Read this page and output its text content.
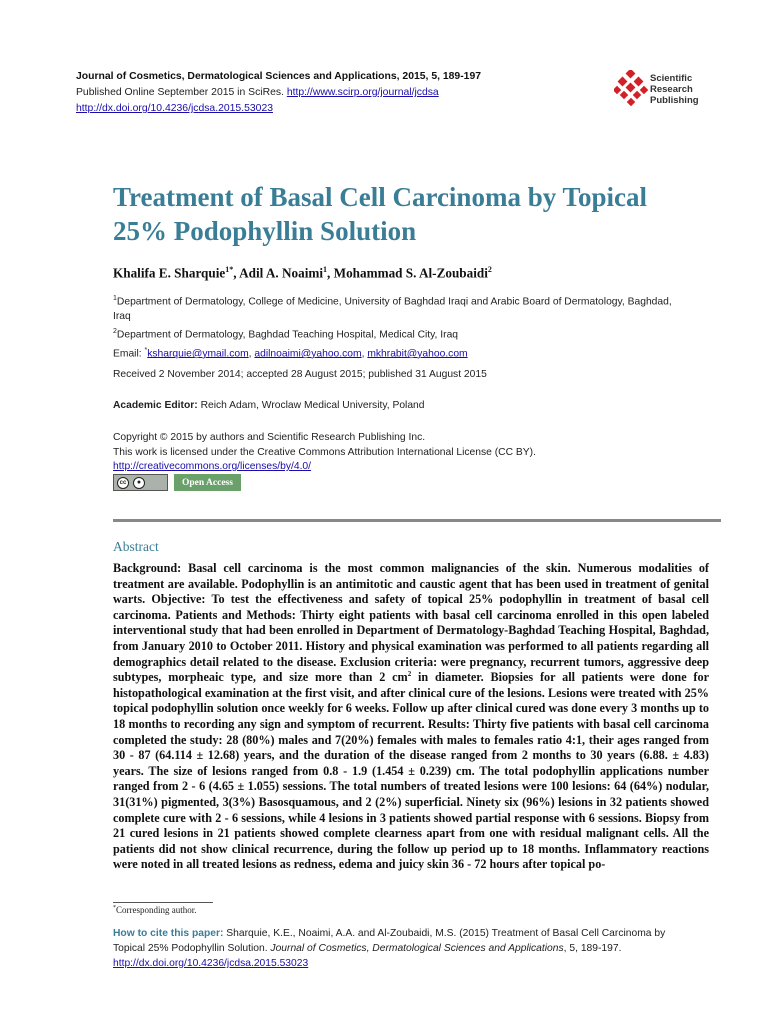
Journal of Cosmetics, Dermatological Sciences and Applications, 2015, 5, 189-197
Published Online September 2015 in SciRes. http://www.scirp.org/journal/jcdsa
http://dx.doi.org/10.4236/jcdsa.2015.53023
Scientific
Research
Publishing
Treatment of Basal Cell Carcinoma by Topical 25% Podophyllin Solution
Khalifa E. Sharquie$^{1*}$, Adil A. Noaimi$^1$, Mohammad S. Al-Zoubaidi$^2$
$^1$Department of Dermatology, College of Medicine, University of Baghdad Iraqi and Arabic Board of Dermatology, Baghdad, Iraq
$^2$Department of Dermatology, Baghdad Teaching Hospital, Medical City, Iraq
Email: *ksharquie@ymail.com, adilnoaimi@yahoo.com, mkhrabit@yahoo.com
Received 2 November 2014; accepted 28 August 2015; published 31 August 2015
Academic Editor: Reich Adam, Wroclaw Medical University, Poland
Copyright © 2015 by authors and Scientific Research Publishing Inc.
This work is licensed under the Creative Commons Attribution International License (CC BY).
http://creativecommons.org/licenses/by/4.0/
cc	●	Open Access
Abstract

Background: Basal cell carcinoma is the most common malignancies of the skin. Numerous modalities of treatment are available. Podophyllin is an antimitotic and caustic agent that has been used in treatment of genital warts. Objective: To test the effectiveness and safety of topical 25% podophyllin in treatment of basal cell carcinoma. Patients and Methods: Thirty eight patients with basal cell carcinoma enrolled in this open labeled interventional study that had been enrolled in Department of Dermatology-Baghdad Teaching Hospital, Baghdad, from January 2010 to October 2011. History and physical examination was performed to all patients regarding all demographics detail related to the disease. Exclusion criteria: were pregnancy, recurrent tumors, aggressive deep subtypes, morpheaic type, and size more than 2 $cm^2$ in diameter. Biopsies for all patients were done for histopathological examination at the first visit, and after clinical cure of the lesions. Lesions were treated with 25% topical podophyllin solution once weekly for 6 weeks. Follow up after clinical cured was done every 3 months up to 18 months to recording any sign and symptom of recurrent. Results: Thirty five patients with basal cell carcinoma completed the study: 28 (80%) males and 7(20%) females with males to females ratio 4:1, their ages ranged from 30 - 87 (64.114 ± 12.68) years, and the duration of the disease ranged from 2 months to 30 years (6.88. ± 4.83) years. The size of lesions ranged from 0.8 - 1.9 (1.454 ± 0.239) cm. The total podophyllin applications number ranged from 2 - 6 (4.65 ± 1.055) sessions. The total numbers of treated lesions were 100 lesions: 64 (64%) nodular, 31(31%) pigmented, 3(3%) Basosquamous, and 2 (2%) superficial. Ninety six (96%) lesions in 32 patients showed complete cure with 2 - 6 sessions, while 4 lesions in 3 patients showed partial response with 6 sessions. Biopsy from 21 cured lesions in 21 patients showed complete clearness apart from one with residual malignant cells. All the patients did not show clinical recurrence, during the follow up period up to 18 months. Inflammatory reactions were noted in all treated lesions as redness, edema and juicy skin 36 - 72 hours after topical po-

*Corresponding author.
How to cite this paper: Sharquie, K.E., Noaimi, A.A. and Al-Zoubaidi, M.S. (2015) Treatment of Basal Cell Carcinoma by Topical 25% Podophyllin Solution. Journal of Cosmetics, Dermatological Sciences and Applications, 5, 189-197.
http://dx.doi.org/10.4236/jcdsa.2015.53023
